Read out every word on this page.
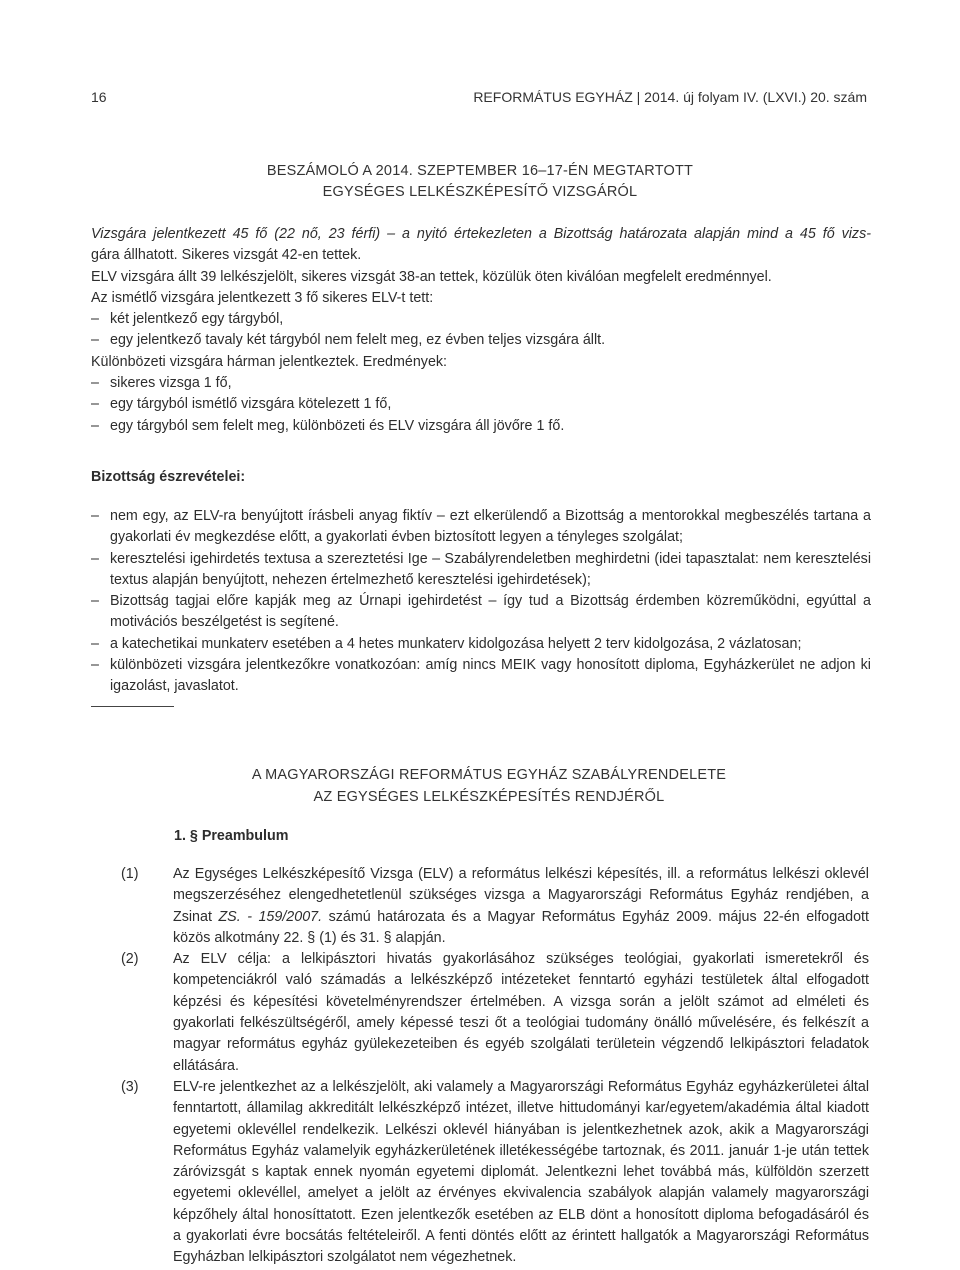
16	REFORMÁTUS EGYHÁZ | 2014. új folyam IV. (LXVI.) 20. szám
BESZÁMOLÓ A 2014. SZEPTEMBER 16–17-ÉN MEGTARTOTT
EGYSÉGES LELKÉSZKÉPESÍTŐ VIZSGÁRÓL
Vizsgára jelentkezett 45 fő (22 nő, 23 férfi) – a nyitó értekezleten a Bizottság határozata alapján mind a 45 fő vizs-
gára állhatott. Sikeres vizsgát 42-en tettek.
ELV vizsgára állt 39 lelkészjelölt, sikeres vizsgát 38-an tettek, közülük öten kiválóan megfelelt eredménnyel.
Az ismétlő vizsgára jelentkezett 3 fő sikeres ELV-t tett:
– két jelentkező egy tárgyból,
– egy jelentkező tavaly két tárgyból nem felelt meg, ez évben teljes vizsgára állt.
Különbözeti vizsgára hárman jelentkeztek. Eredmények:
– sikeres vizsga 1 fő,
– egy tárgyból ismétlő vizsgára kötelezett 1 fő,
– egy tárgyból sem felelt meg, különbözeti és ELV vizsgára áll jövőre 1 fő.
Bizottság észrevételei:
– nem egy, az ELV-ra benyújtott írásbeli anyag fiktív – ezt elkerülendő a Bizottság a mentorokkal megbeszélés tartana a gyakorlati év megkezdése előtt, a gyakorlati évben biztosított legyen a tényleges szolgálat;
– keresztelési igehirdetés textusa a szereztetési Ige – Szabályrendeletben meghirdetni (idei tapasztalat: nem keresztelési textus alapján benyújtott, nehezen értelmezhető keresztelési igehirdetések);
– Bizottság tagjai előre kapják meg az Úrnapi igehirdetést – így tud a Bizottság érdemben közreműködni, egyúttal a motivációs beszélgetést is segítené.
– a katechetikai munkaterv esetében a 4 hetes munkaterv kidolgozása helyett 2 terv kidolgozása, 2 vázlatosan;
– különbözeti vizsgára jelentkezőkre vonatkozóan: amíg nincs MEIK vagy honosított diploma, Egyházkerület ne adjon ki igazolást, javaslatot.
A MAGYARORSZÁGI REFORMÁTUS EGYHÁZ SZABÁLYRENDELETE
AZ EGYSÉGES LELKÉSZKÉPESÍTÉS RENDJÉRŐL
1. § Preambulum
(1)	Az Egységes Lelkészképesítő Vizsga (ELV) a református lelkészi képesítés, ill. a református lelkészi oklevél megszerzéséhez elengedhetetlenül szükséges vizsga a Magyarországi Református Egyház rendjében, a Zsinat ZS. - 159/2007. számú határozata és a Magyar Református Egyház 2009. május 22-én elfogadott közös alkotmány 22. § (1) és 31. § alapján.
(2)	Az ELV célja: a lelkipásztori hivatás gyakorlásához szükséges teológiai, gyakorlati ismeretekről és kompetenciákról való számadás a lelkészképző intézeteket fenntartó egyházi testületek által elfogadott képzési és képesítési követelményrendszer értelmében. A vizsga során a jelölt számot ad elméleti és gyakorlati felkészültségéről, amely képessé teszi őt a teológiai tudomány önálló művelésére, és felkészít a magyar református egyház gyülekezeteiben és egyéb szolgálati területein végzendő lelkipásztori feladatok ellátására.
(3)	ELV-re jelentkezhet az a lelkészjelölt, aki valamely a Magyarországi Református Egyház egyházkerületei által fenntartott, államilag akkreditált lelkészképző intézet, illetve hittudományi kar/egyetem/akadémia által kiadott egyetemi oklevéllel rendelkezik. Lelkészi oklevél hiányában is jelentkezhetnek azok, akik a Magyarországi Református Egyház valamelyik egyházkerületének illetékességébe tartoznak, és 2011. január 1-je után tettek záróvizsgát s kaptak ennek nyomán egyetemi diplomát. Jelentkezni lehet továbbá más, külföldön szerzett egyetemi oklevéllel, amelyet a jelölt az érvényes ekvivalencia szabályok alapján valamely magyarországi képzőhely által honosíttatott. Ezen jelentkezők esetében az ELB dönt a honosított diploma befogadásáról és a gyakorlati évre bocsátás feltételeiről. A fenti döntés előtt az érintett hallgatók a Magyarországi Református Egyházban lelkipásztori szolgálatot nem végezhetnek.
